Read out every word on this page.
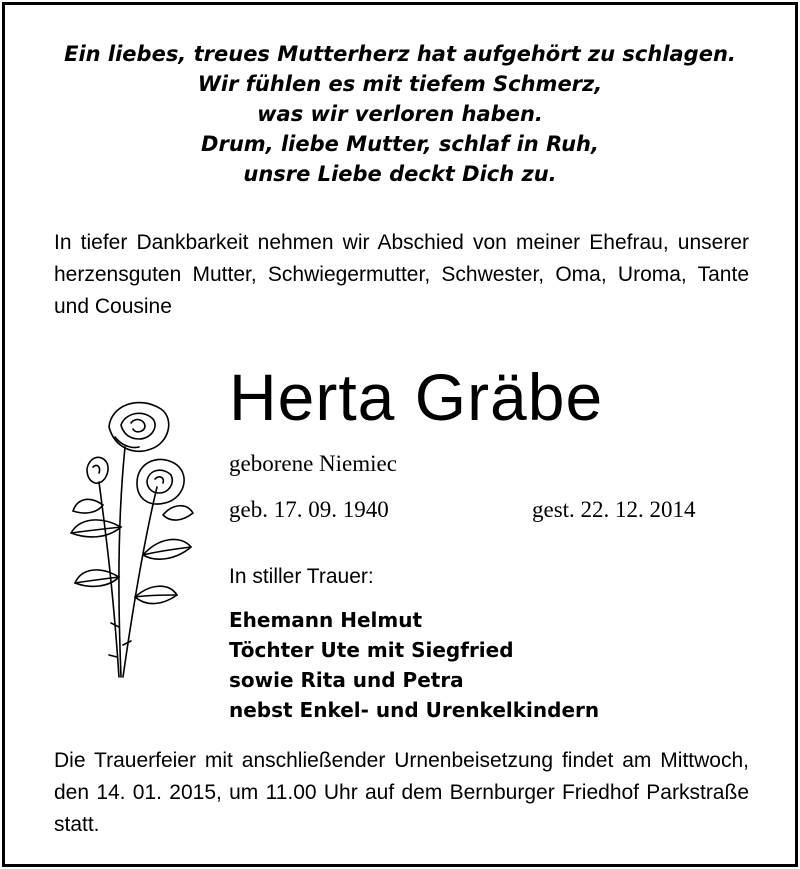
Ein liebes, treues Mutterherz hat aufgehört zu schlagen.
Wir fühlen es mit tiefem Schmerz,
was wir verloren haben.
Drum, liebe Mutter, schlaf in Ruh,
unsre Liebe deckt Dich zu.
In tiefer Dankbarkeit nehmen wir Abschied von meiner Ehefrau, unserer herzensguten Mutter, Schwiegermutter, Schwester, Oma, Uroma, Tante und Cousine
Herta Gräbe
geborene Niemiec
geb. 17. 09. 1940	gest. 22. 12. 2014
In stiller Trauer:
Ehemann Helmut
Töchter Ute mit Siegfried
sowie Rita und Petra
nebst Enkel- und Urenkelkindern
Die Trauerfeier mit anschließender Urnenbeisetzung findet am Mittwoch, den 14. 01. 2015, um 11.00 Uhr auf dem Bernburger Friedhof Parkstraße statt.
